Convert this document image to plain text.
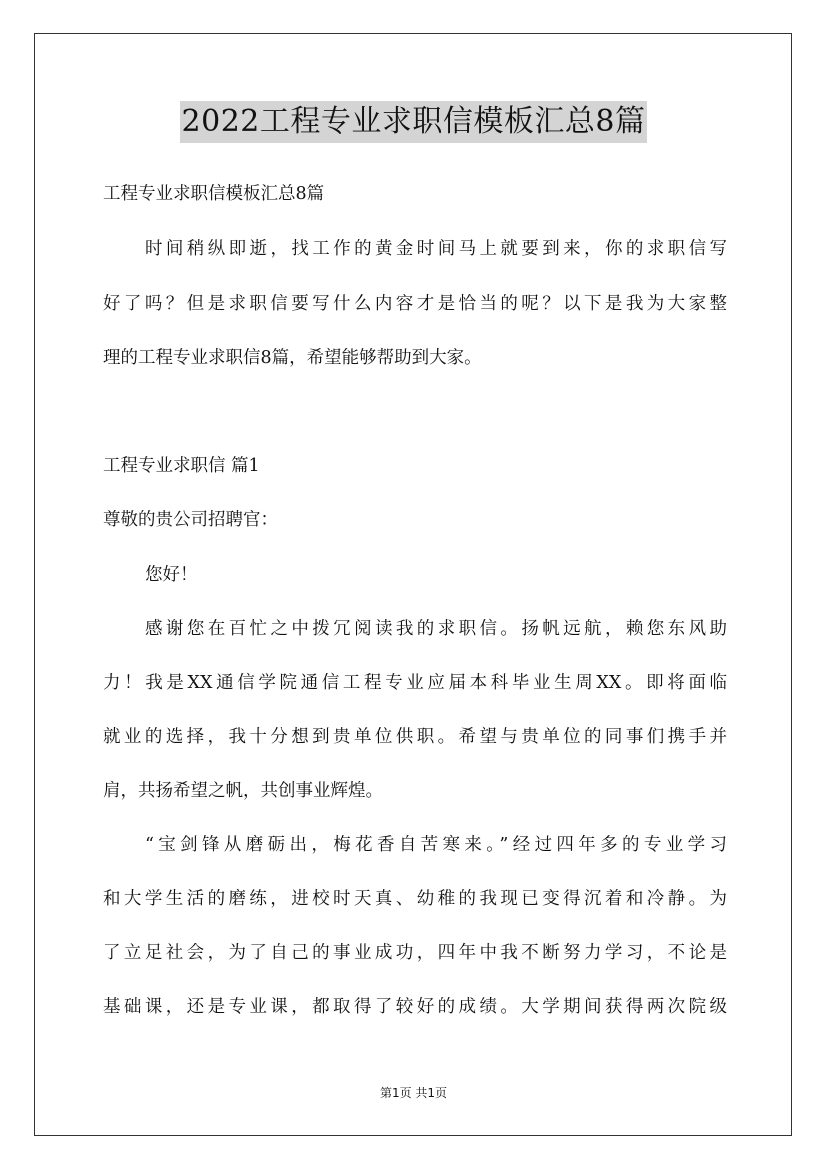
2022工程专业求职信模板汇总8篇
工程专业求职信模板汇总8篇
时间稍纵即逝，找工作的黄金时间马上就要到来，你的求职信写
好了吗？但是求职信要写什么内容才是恰当的呢？以下是我为大家整
理的工程专业求职信8篇，希望能够帮助到大家。
工程专业求职信 篇1
尊敬的贵公司招聘官：
您好！
感谢您在百忙之中拨冗阅读我的求职信。扬帆远航，赖您东风助
力！我是XX通信学院通信工程专业应届本科毕业生周XX。即将面临
就业的选择，我十分想到贵单位供职。希望与贵单位的同事们携手并
肩，共扬希望之帆，共创事业辉煌。
“宝剑锋从磨砺出，梅花香自苦寒来。”经过四年多的专业学习
和大学生活的磨练，进校时天真、幼稚的我现已变得沉着和冷静。为
了立足社会，为了自己的事业成功，四年中我不断努力学习，不论是
基础课，还是专业课，都取得了较好的成绩。大学期间获得两次院级
第1页 共1页
